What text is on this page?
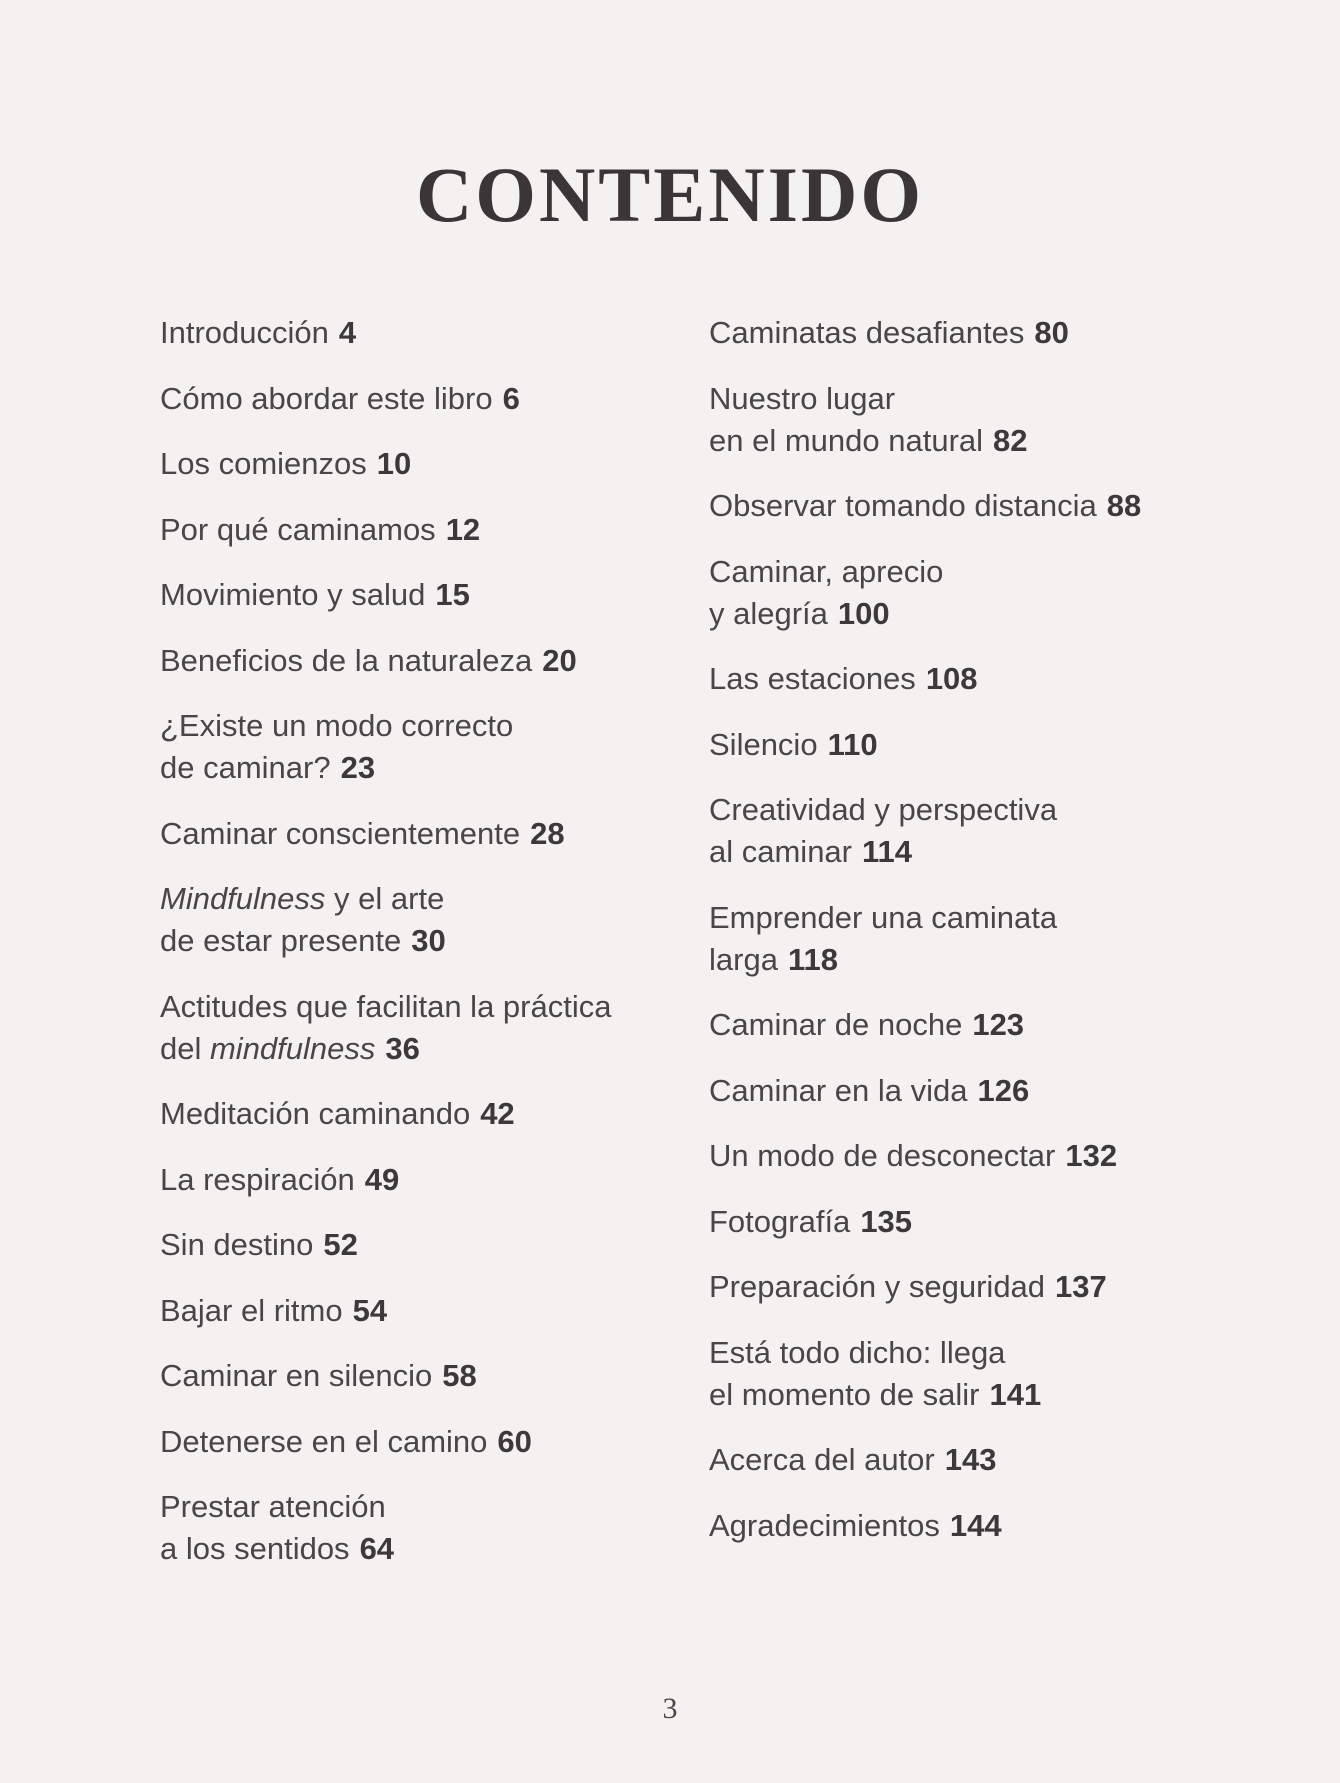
CONTENIDO
Introducción 4
Cómo abordar este libro 6
Los comienzos 10
Por qué caminamos 12
Movimiento y salud 15
Beneficios de la naturaleza 20
¿Existe un modo correcto
de caminar? 23
Caminar conscientemente 28
Mindfulness y el arte
de estar presente 30
Actitudes que facilitan la práctica
del mindfulness 36
Meditación caminando 42
La respiración 49
Sin destino 52
Bajar el ritmo 54
Caminar en silencio 58
Detenerse en el camino 60
Prestar atención
a los sentidos 64
Caminatas desafiantes 80
Nuestro lugar
en el mundo natural 82
Observar tomando distancia 88
Caminar, aprecio
y alegría 100
Las estaciones 108
Silencio 110
Creatividad y perspectiva
al caminar 114
Emprender una caminata
larga 118
Caminar de noche 123
Caminar en la vida 126
Un modo de desconectar 132
Fotografía 135
Preparación y seguridad 137
Está todo dicho: llega
el momento de salir 141
Acerca del autor 143
Agradecimientos 144
3
